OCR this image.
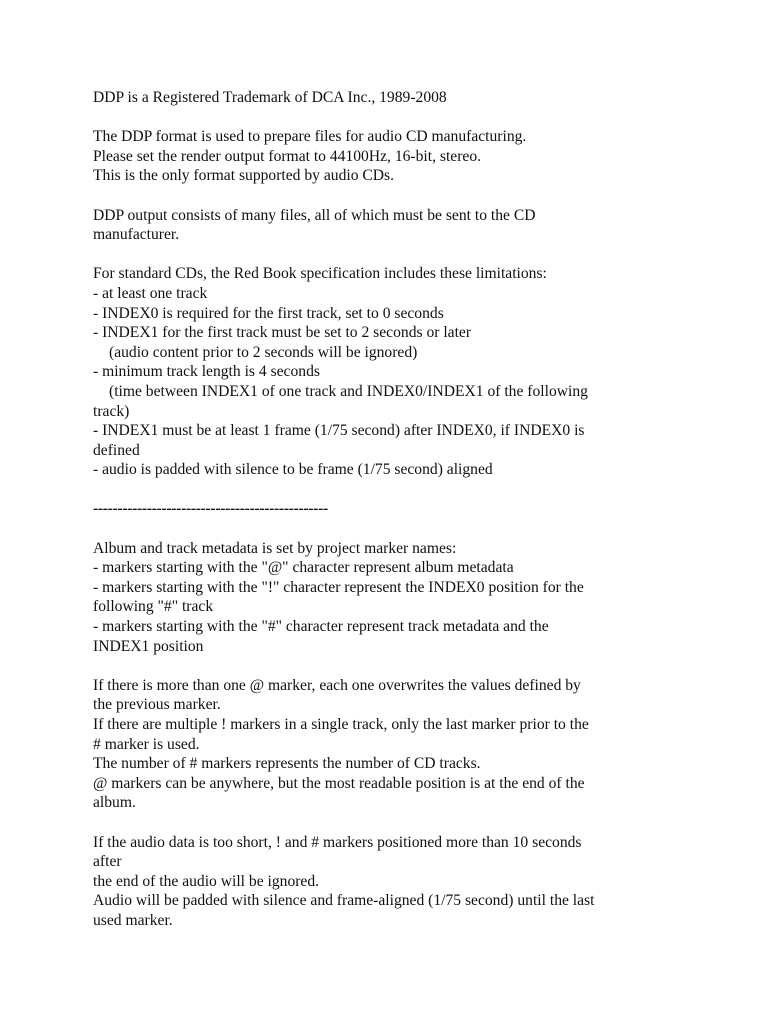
DDP is a Registered Trademark of DCA Inc., 1989-2008
The DDP format is used to prepare files for audio CD manufacturing.
Please set the render output format to 44100Hz, 16-bit, stereo.
This is the only format supported by audio CDs.
DDP output consists of many files, all of which must be sent to the CD
manufacturer.
For standard CDs, the Red Book specification includes these limitations:
- at least one track
- INDEX0 is required for the first track, set to 0 seconds
- INDEX1 for the first track must be set to 2 seconds or later
(audio content prior to 2 seconds will be ignored)
- minimum track length is 4 seconds
(time between INDEX1 of one track and INDEX0/INDEX1 of the following
track)
- INDEX1 must be at least 1 frame (1/75 second) after INDEX0, if INDEX0 is
defined
- audio is padded with silence to be frame (1/75 second) aligned
------------------------------------------------
Album and track metadata is set by project marker names:
- markers starting with the "@" character represent album metadata
- markers starting with the "!" character represent the INDEX0 position for the
following "#" track
- markers starting with the "#" character represent track metadata and the
INDEX1 position
If there is more than one @ marker, each one overwrites the values defined by
the previous marker.
If there are multiple ! markers in a single track, only the last marker prior to the
# marker is used.
The number of # markers represents the number of CD tracks.
@ markers can be anywhere, but the most readable position is at the end of the
album.
If the audio data is too short, ! and # markers positioned more than 10 seconds
after
the end of the audio will be ignored.
Audio will be padded with silence and frame-aligned (1/75 second) until the last
used marker.
